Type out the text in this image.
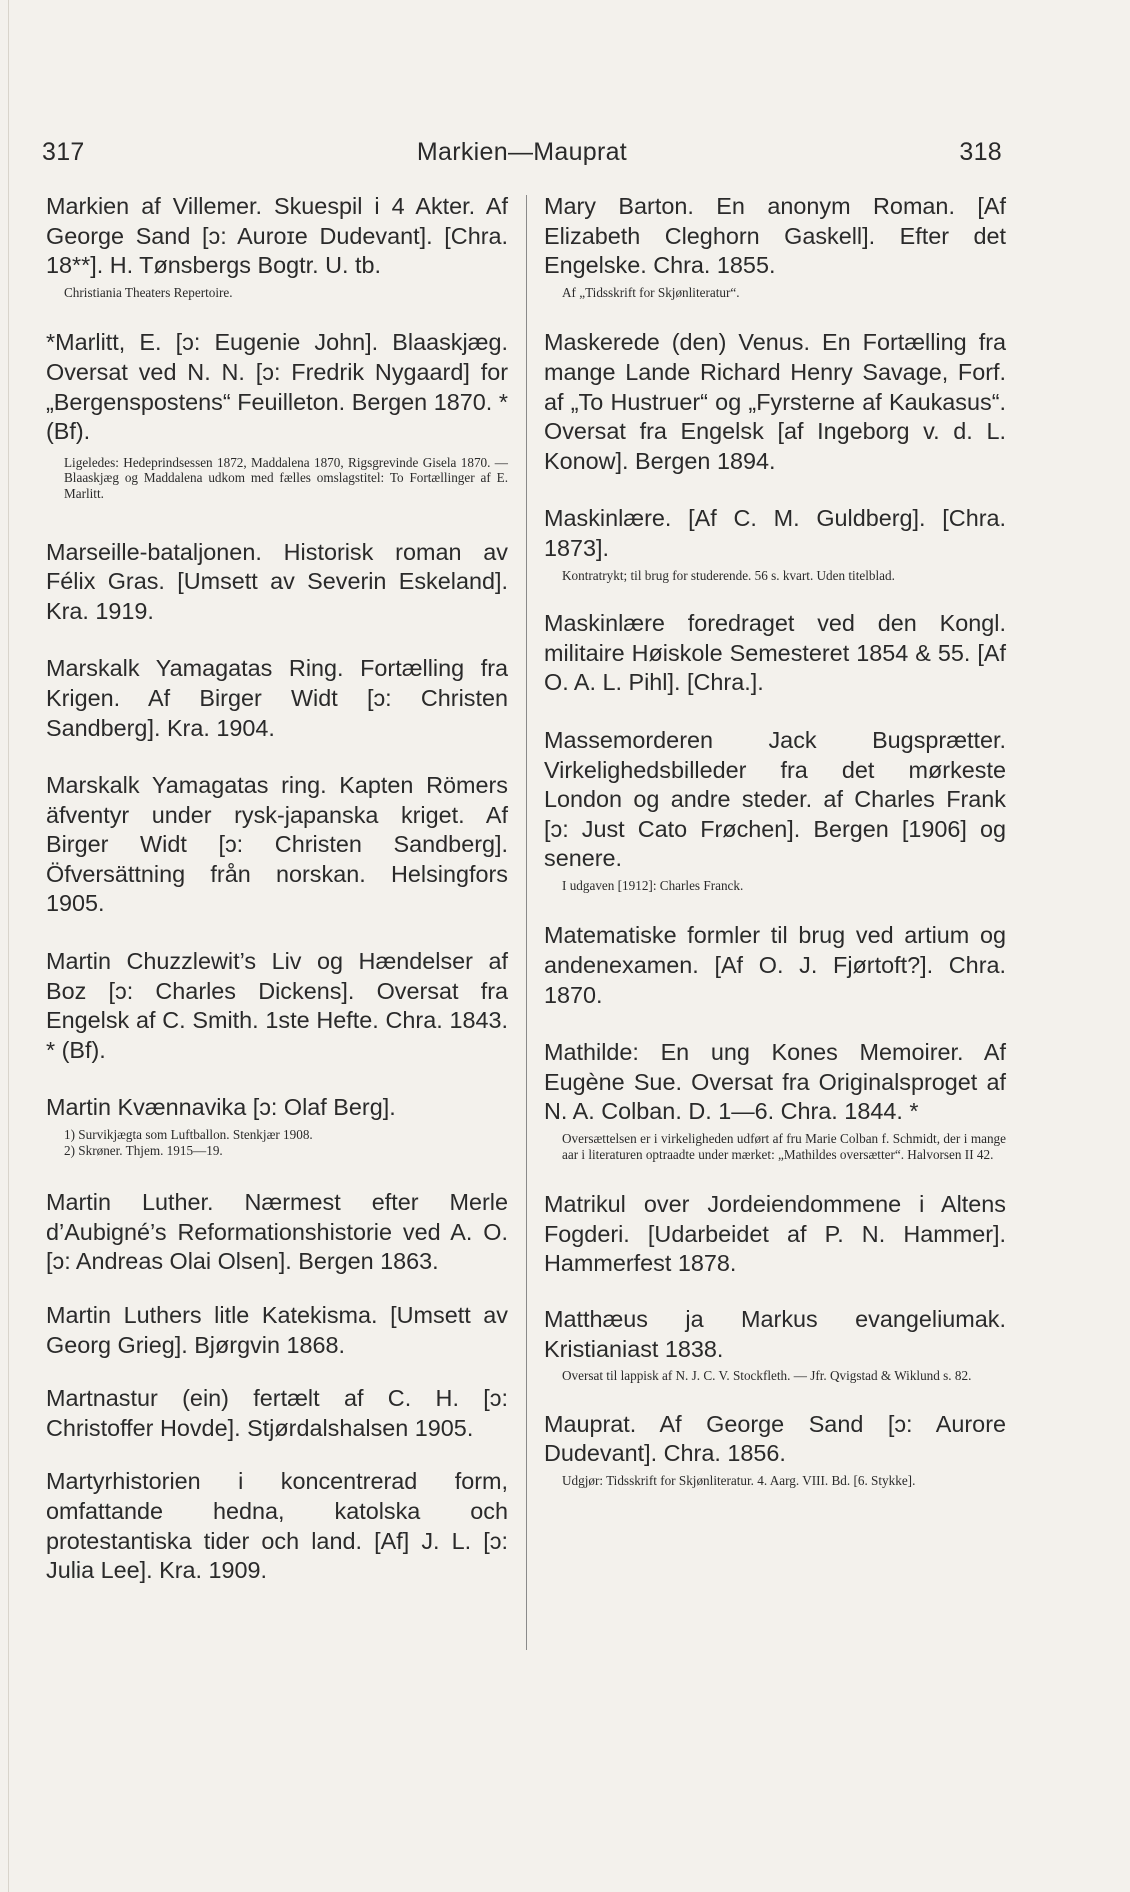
317	Markien—Mauprat	318
Markien af Villemer. Skuespil i 4 Akter. Af George Sand [ɔ: Auroɪe Dudevant]. [Chra. 18**]. H. Tønsbergs Bogtr. U. tb.
Christiania Theaters Repertoire.
*Marlitt, E. [ɔ: Eugenie John]. Blaaskjæg. Oversat ved N. N. [ɔ: Fredrik Nygaard] for „Bergenspostens“ Feuilleton. Bergen 1870. * (Bf).
Ligeledes: Hedeprindsessen 1872, Maddalena 1870, Rigsgrevinde Gisela 1870. — Blaaskjæg og Maddalena udkom med fælles omslagstitel: To Fortællinger af E. Marlitt.
Marseille-bataljonen. Historisk roman av Félix Gras. [Umsett av Severin Eskeland]. Kra. 1919.
Marskalk Yamagatas Ring. Fortælling fra Krigen. Af Birger Widt [ɔ: Christen Sandberg]. Kra. 1904.
Marskalk Yamagatas ring. Kapten Römers äfventyr under rysk-japanska kriget. Af Birger Widt [ɔ: Christen Sandberg]. Öfversättning från norskan. Helsingfors 1905.
Martin Chuzzlewit’s Liv og Hændelser af Boz [ɔ: Charles Dickens]. Oversat fra Engelsk af C. Smith. 1ste Hefte. Chra. 1843. * (Bf).
Martin Kvænnavika [ɔ: Olaf Berg].
1) Survikjægta som Luftballon. Stenkjær 1908.
2) Skrøner. Thjem. 1915—19.
Martin Luther. Nærmest efter Merle d’Aubigné’s Reformationshistorie ved A. O. [ɔ: Andreas Olai Olsen]. Bergen 1863.
Martin Luthers litle Katekisma. [Umsett av Georg Grieg]. Bjørgvin 1868.
Martnastur (ein) fertælt af C. H. [ɔ: Christoffer Hovde]. Stjørdalshalsen 1905.
Martyrhistorien i koncentrerad form, omfattande hedna, katolska och protestantiska tider och land. [Af] J. L. [ɔ: Julia Lee]. Kra. 1909.
Mary Barton. En anonym Roman. [Af Elizabeth Cleghorn Gaskell]. Efter det Engelske. Chra. 1855.
Af „Tidsskrift for Skjønliteratur“.
Maskerede (den) Venus. En Fortælling fra mange Lande Richard Henry Savage, Forf. af „To Hustruer“ og „Fyrsterne af Kaukasus“. Oversat fra Engelsk [af Ingeborg v. d. L. Konow]. Bergen 1894.
Maskinlære. [Af C. M. Guldberg]. [Chra. 1873].
Kontratrykt; til brug for studerende. 56 s. kvart. Uden titelblad.
Maskinlære foredraget ved den Kongl. militaire Høiskole Semesteret 1854 & 55. [Af O. A. L. Pihl]. [Chra.].
Massemorderen Jack Bugsprætter. Virkelighedsbilleder fra det mørkeste London og andre steder. af Charles Frank [ɔ: Just Cato Frøchen]. Bergen [1906] og senere.
I udgaven [1912]: Charles Franck.
Matematiske formler til brug ved artium og andenexamen. [Af O. J. Fjørtoft?]. Chra. 1870.
Mathilde: En ung Kones Memoirer. Af Eugène Sue. Oversat fra Originalsproget af N. A. Colban. D. 1—6. Chra. 1844. *
Oversættelsen er i virkeligheden udført af fru Marie Colban f. Schmidt, der i mange aar i literaturen optraadte under mærket: „Mathildes oversætter“. Halvorsen II 42.
Matrikul over Jordeiendommene i Altens Fogderi. [Udarbeidet af P. N. Hammer]. Hammerfest 1878.
Matthæus ja Markus evangeliumak. Kristianiast 1838.
Oversat til lappisk af N. J. C. V. Stockfleth. — Jfr. Qvigstad & Wiklund s. 82.
Mauprat. Af George Sand [ɔ: Aurore Dudevant]. Chra. 1856.
Udgjør: Tidsskrift for Skjønliteratur. 4. Aarg. VIII. Bd. [6. Stykke].
